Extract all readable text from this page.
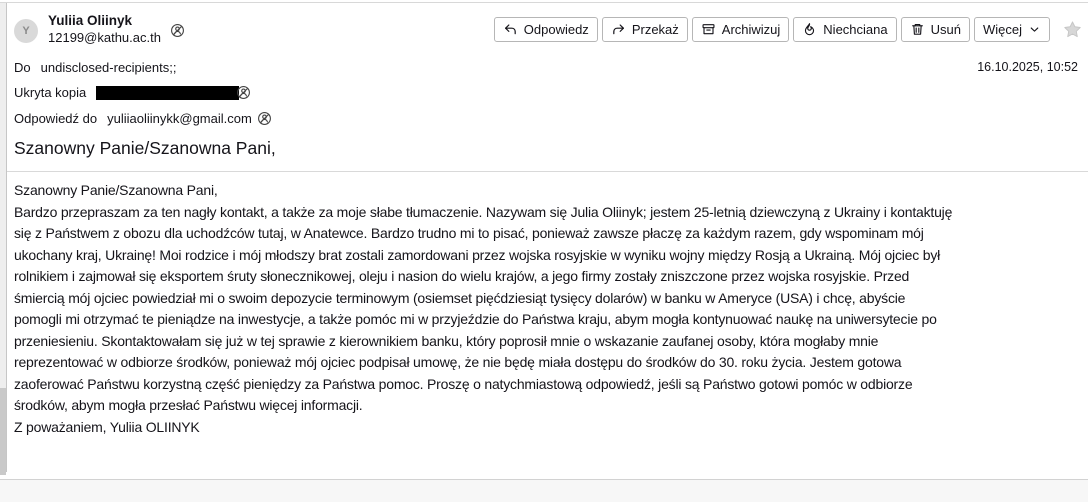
Y
Yuliia Oliinyk
12199@kathu.ac.th
Odpowiedz	Przekaż	Archiwizuj	Niechciana	Usuń Więcej
Do undisclosed-recipients;;	16.10.2025, 10:52
Ukryta kopia
Odpowiedź do yuliiaoliinykk@gmail.com
Szanowny Panie/Szanowna Pani,
Szanowny Panie/Szanowna Pani,
Bardzo przepraszam za ten nagły kontakt, a także za moje słabe tłumaczenie. Nazywam się Julia Oliinyk; jestem 25-letnią dziewczyną z Ukrainy i kontaktuję
się z Państwem z obozu dla uchodźców tutaj, w Anatewce. Bardzo trudno mi to pisać, ponieważ zawsze płaczę za każdym razem, gdy wspominam mój
ukochany kraj, Ukrainę! Moi rodzice i mój młodszy brat zostali zamordowani przez wojska rosyjskie w wyniku wojny między Rosją a Ukrainą. Mój ojciec był
rolnikiem i zajmował się eksportem śruty słonecznikowej, oleju i nasion do wielu krajów, a jego firmy zostały zniszczone przez wojska rosyjskie. Przed
śmiercią mój ojciec powiedział mi o swoim depozycie terminowym (osiemset pięćdziesiąt tysięcy dolarów) w banku w Ameryce (USA) i chcę, abyście
pomogli mi otrzymać te pieniądze na inwestycje, a także pomóc mi w przyjeździe do Państwa kraju, abym mogła kontynuować naukę na uniwersytecie po
przeniesieniu. Skontaktowałam się już w tej sprawie z kierownikiem banku, który poprosił mnie o wskazanie zaufanej osoby, która mogłaby mnie
reprezentować w odbiorze środków, ponieważ mój ojciec podpisał umowę, że nie będę miała dostępu do środków do 30. roku życia. Jestem gotowa
zaoferować Państwu korzystną część pieniędzy za Państwa pomoc. Proszę o natychmiastową odpowiedź, jeśli są Państwo gotowi pomóc w odbiorze
środków, abym mogła przesłać Państwu więcej informacji.
Z poważaniem, Yuliia OLIINYK
